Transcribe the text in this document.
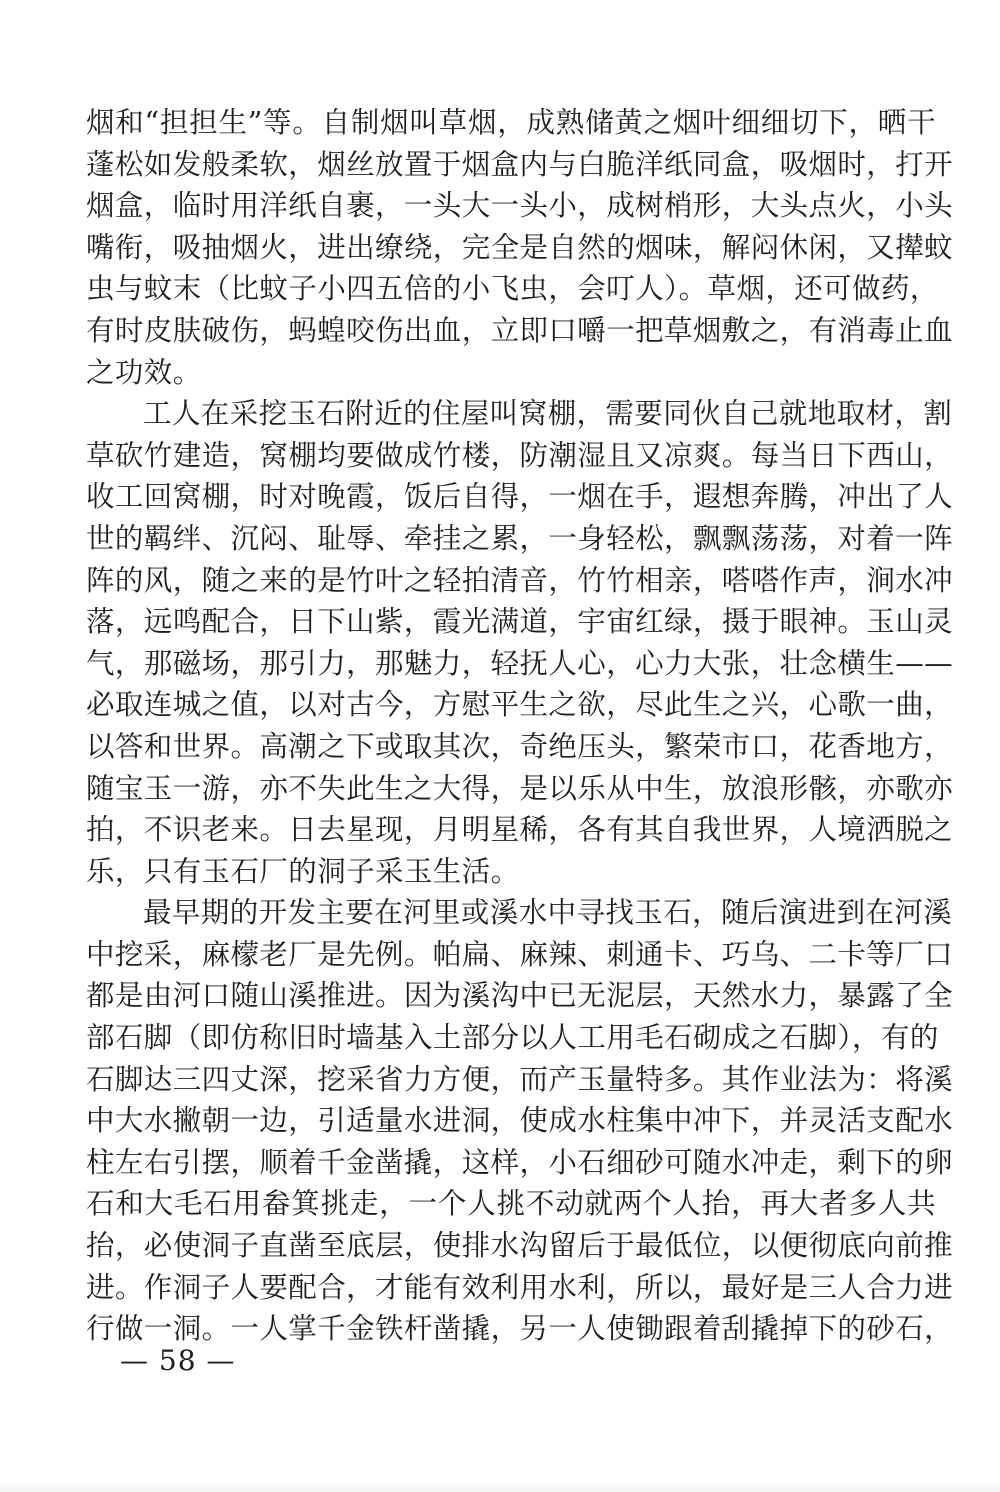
烟和“担担生”等。自制烟叫草烟，成熟储黄之烟叶细细切下，晒干
蓬松如发般柔软，烟丝放置于烟盒内与白脆洋纸同盒，吸烟时，打开
烟盒，临时用洋纸自裹，一头大一头小，成树梢形，大头点火，小头
嘴衔，吸抽烟火，进出缭绕，完全是自然的烟味，解闷休闲，又撵蚊
虫与蚊末（比蚊子小四五倍的小飞虫，会叮人）。草烟，还可做药，
有时皮肤破伤，蚂蝗咬伤出血，立即口嚼一把草烟敷之，有消毒止血
之功效。
工人在采挖玉石附近的住屋叫窝棚，需要同伙自己就地取材，割
草砍竹建造，窝棚均要做成竹楼，防潮湿且又凉爽。每当日下西山，
收工回窝棚，时对晚霞，饭后自得，一烟在手，遐想奔腾，冲出了人
世的羁绊、沉闷、耻辱、牵挂之累，一身轻松，飘飘荡荡，对着一阵
阵的风，随之来的是竹叶之轻拍清音，竹竹相亲，嗒嗒作声，涧水冲
落，远鸣配合，日下山紫，霞光满道，宇宙红绿，摄于眼神。玉山灵
气，那磁场，那引力，那魅力，轻抚人心，心力大张，壮念横生——
必取连城之值，以对古今，方慰平生之欲，尽此生之兴，心歌一曲，
以答和世界。高潮之下或取其次，奇绝压头，繁荣市口，花香地方，
随宝玉一游，亦不失此生之大得，是以乐从中生，放浪形骸，亦歌亦
拍，不识老来。日去星现，月明星稀，各有其自我世界，人境洒脱之
乐，只有玉石厂的洞子采玉生活。
最早期的开发主要在河里或溪水中寻找玉石，随后演进到在河溪
中挖采，麻檬老厂是先例。帕扁、麻辣、刺通卡、巧乌、二卡等厂口
都是由河口随山溪推进。因为溪沟中已无泥层，天然水力，暴露了全
部石脚（即仿称旧时墙基入土部分以人工用毛石砌成之石脚），有的
石脚达三四丈深，挖采省力方便，而产玉量特多。其作业法为：将溪
中大水撇朝一边，引适量水进洞，使成水柱集中冲下，并灵活支配水
柱左右引摆，顺着千金凿撬，这样，小石细砂可随水冲走，剩下的卵
石和大毛石用畚箕挑走，一个人挑不动就两个人抬，再大者多人共
抬，必使洞子直凿至底层，使排水沟留后于最低位，以便彻底向前推
进。作洞子人要配合，才能有效利用水利，所以，最好是三人合力进
行做一洞。一人掌千金铁杆凿撬，另一人使锄跟着刮撬掉下的砂石，
— 58 —
